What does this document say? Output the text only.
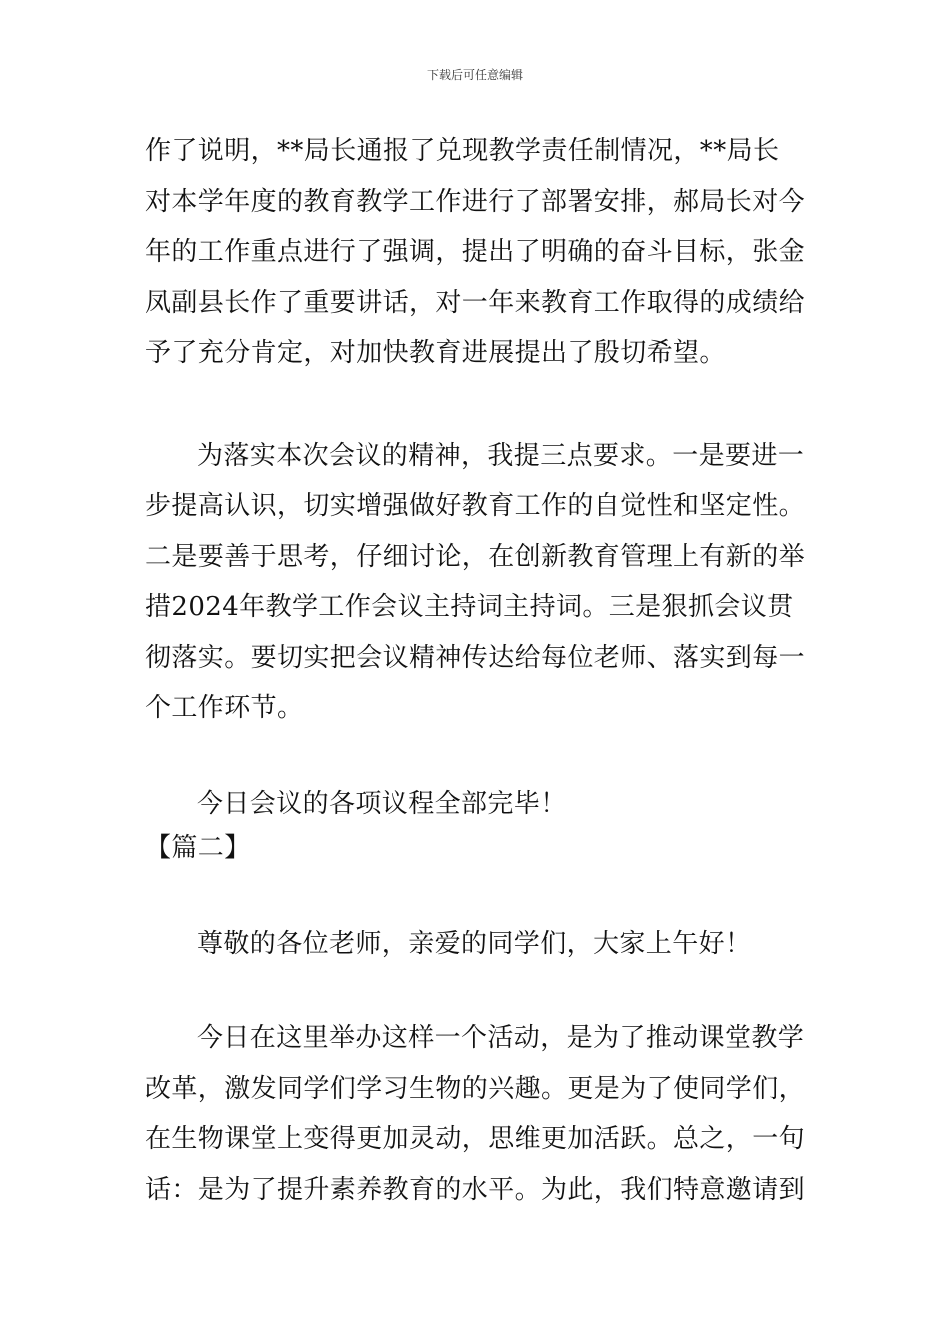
下载后可任意编辑

作了说明，**局长通报了兑现教学责任制情况，**局长对本学年度的教育教学工作进行了部署安排，郝局长对今年的工作重点进行了强调，提出了明确的奋斗目标，张金凤副县长作了重要讲话，对一年来教育工作取得的成绩给予了充分肯定，对加快教育进展提出了殷切希望。

为落实本次会议的精神，我提三点要求。一是要进一步提高认识，切实增强做好教育工作的自觉性和坚定性。二是要善于思考，仔细讨论，在创新教育管理上有新的举措2024年教学工作会议主持词主持词。三是狠抓会议贯彻落实。要切实把会议精神传达给每位老师、落实到每一个工作环节。

今日会议的各项议程全部完毕！

【篇二】

尊敬的各位老师，亲爱的同学们，大家上午好！

今日在这里举办这样一个活动，是为了推动课堂教学改革，激发同学们学习生物的兴趣。更是为了使同学们，在生物课堂上变得更加灵动，思维更加活跃。总之，一句话：是为了提升素养教育的水平。为此，我们特意邀请到
